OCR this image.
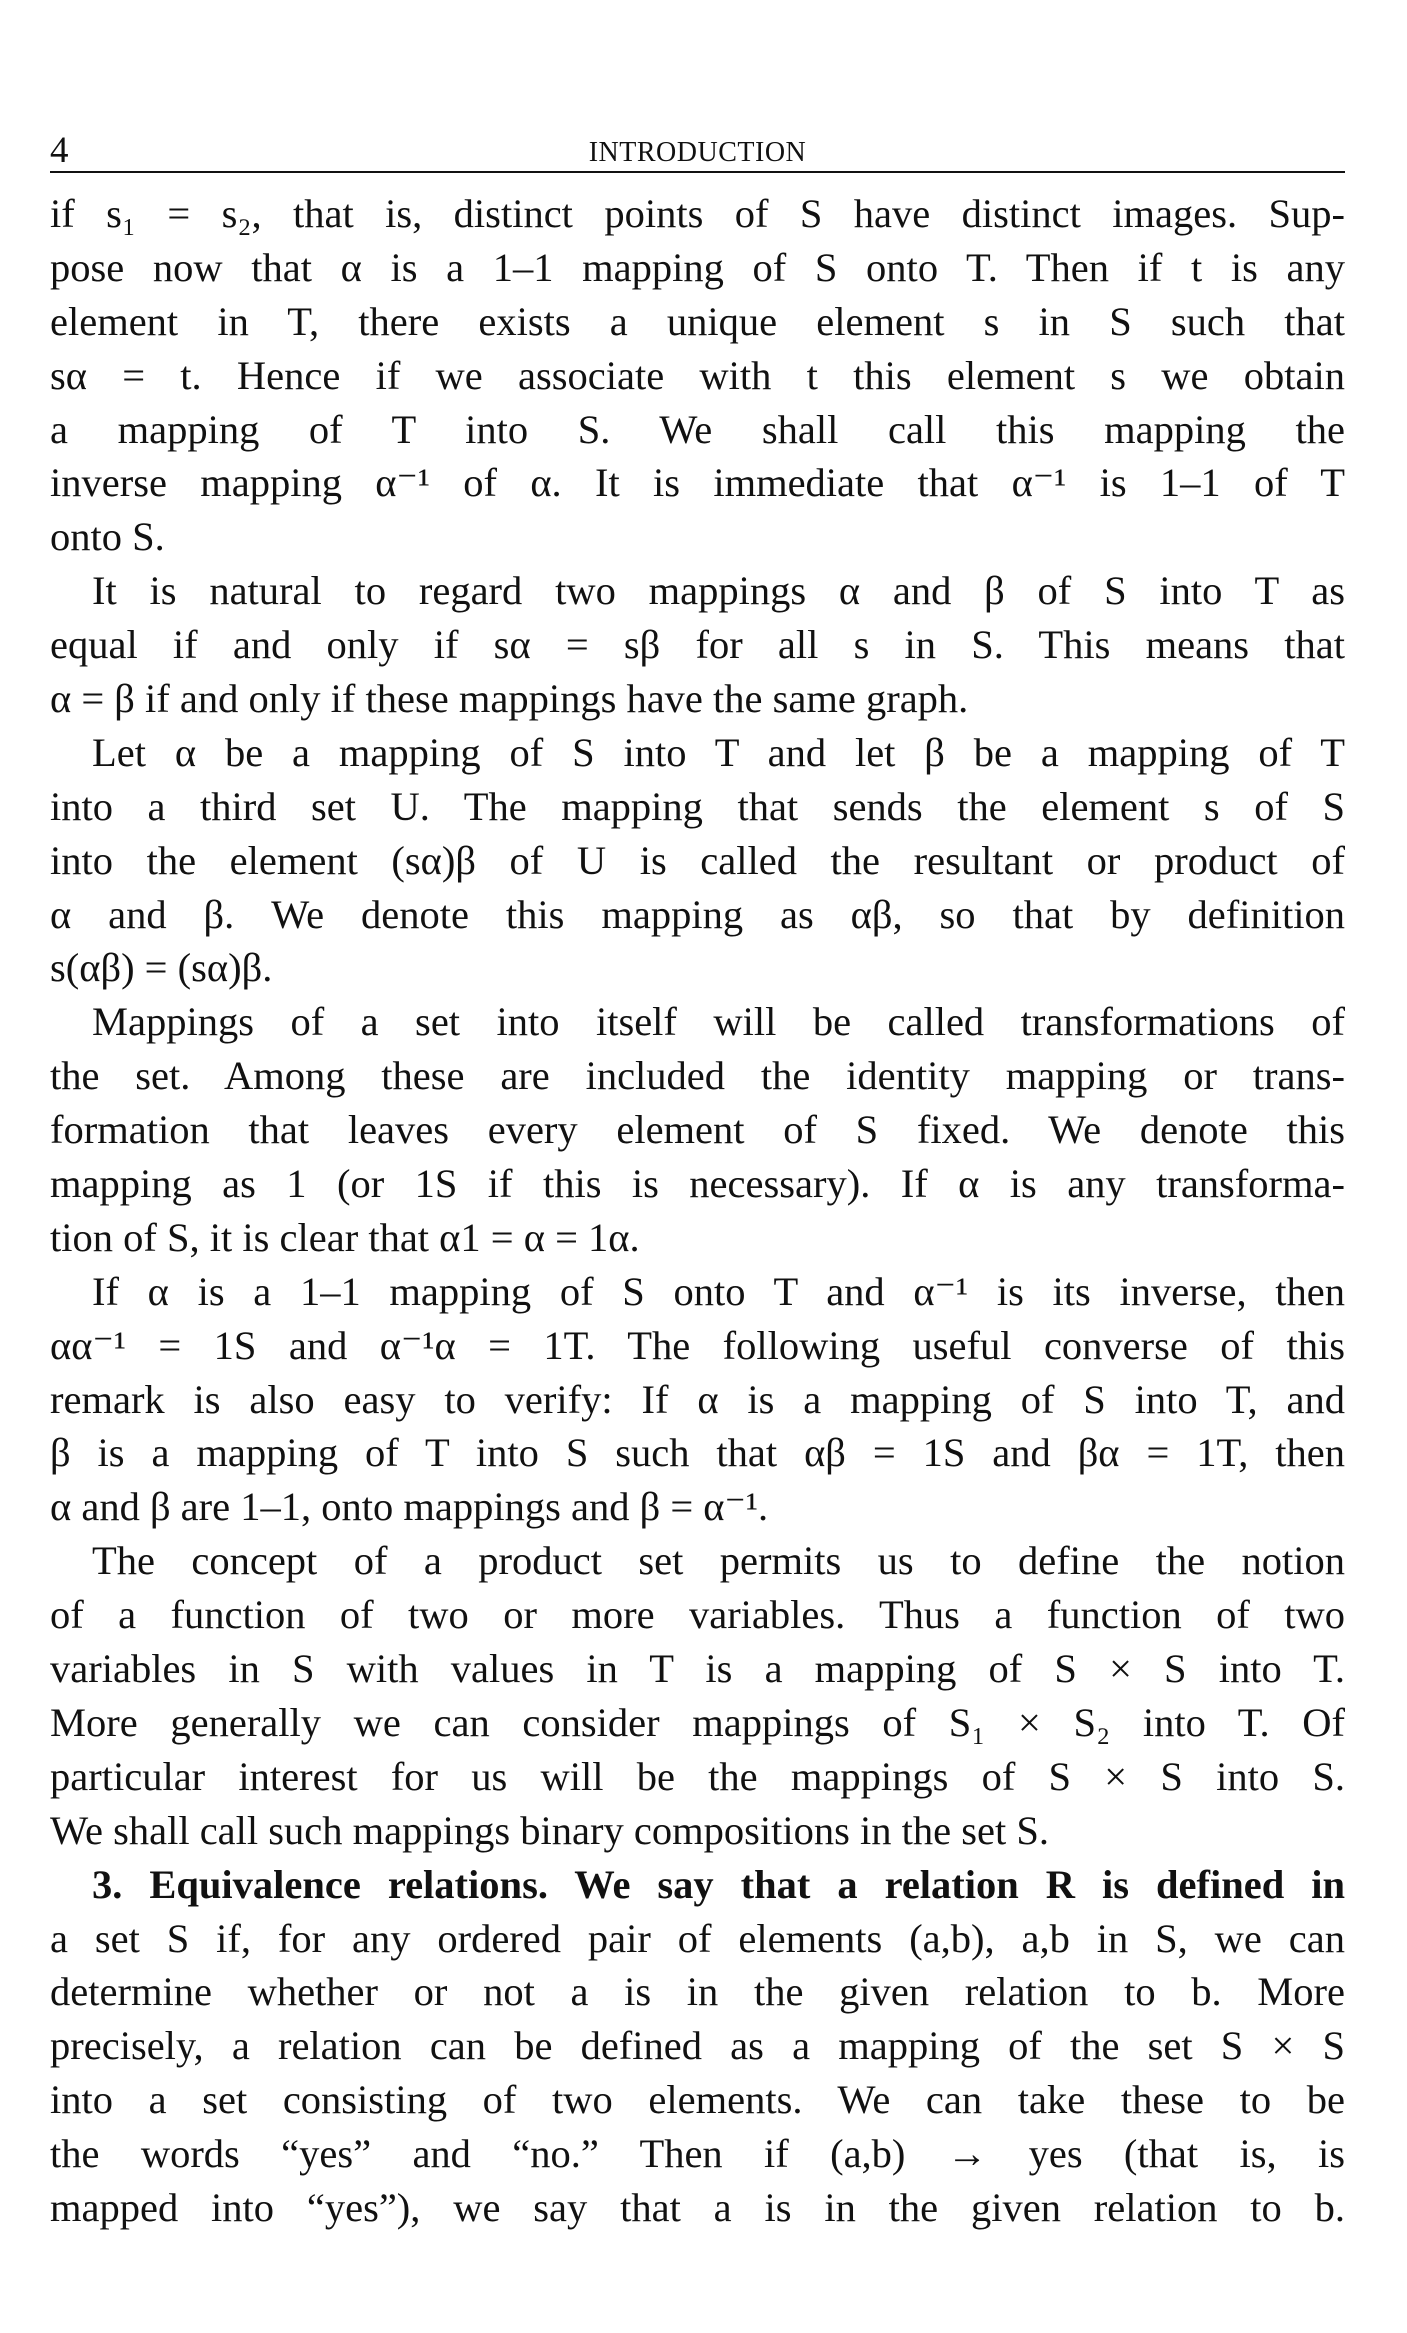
4	INTRODUCTION
if s₁ = s₂, that is, distinct points of S have distinct images. Sup-
pose now that α is a 1–1 mapping of S onto T. Then if t is any
element in T, there exists a unique element s in S such that
sα = t. Hence if we associate with t this element s we obtain
a mapping of T into S. We shall call this mapping the
inverse mapping α⁻¹ of α. It is immediate that α⁻¹ is 1–1 of T
onto S.
It is natural to regard two mappings α and β of S into T as
equal if and only if sα = sβ for all s in S. This means that
α = β if and only if these mappings have the same graph.
Let α be a mapping of S into T and let β be a mapping of T
into a third set U. The mapping that sends the element s of S
into the element (sα)β of U is called the resultant or product of
α and β. We denote this mapping as αβ, so that by definition
s(αβ) = (sα)β.
Mappings of a set into itself will be called transformations of
the set. Among these are included the identity mapping or trans-
formation that leaves every element of S fixed. We denote this
mapping as 1 (or 1S if this is necessary). If α is any transforma-
tion of S, it is clear that α1 = α = 1α.
If α is a 1–1 mapping of S onto T and α⁻¹ is its inverse, then
αα⁻¹ = 1S and α⁻¹α = 1T. The following useful converse of this
remark is also easy to verify: If α is a mapping of S into T, and
β is a mapping of T into S such that αβ = 1S and βα = 1T, then
α and β are 1–1, onto mappings and β = α⁻¹.
The concept of a product set permits us to define the notion
of a function of two or more variables. Thus a function of two
variables in S with values in T is a mapping of S × S into T.
More generally we can consider mappings of S₁ × S₂ into T. Of
particular interest for us will be the mappings of S × S into S.
We shall call such mappings binary compositions in the set S.
3. Equivalence relations. We say that a relation R is defined in
a set S if, for any ordered pair of elements (a,b), a,b in S, we can
determine whether or not a is in the given relation to b. More
precisely, a relation can be defined as a mapping of the set S × S
into a set consisting of two elements. We can take these to be
the words “yes” and “no.” Then if (a,b) → yes (that is, is
mapped into “yes”), we say that a is in the given relation to b.
